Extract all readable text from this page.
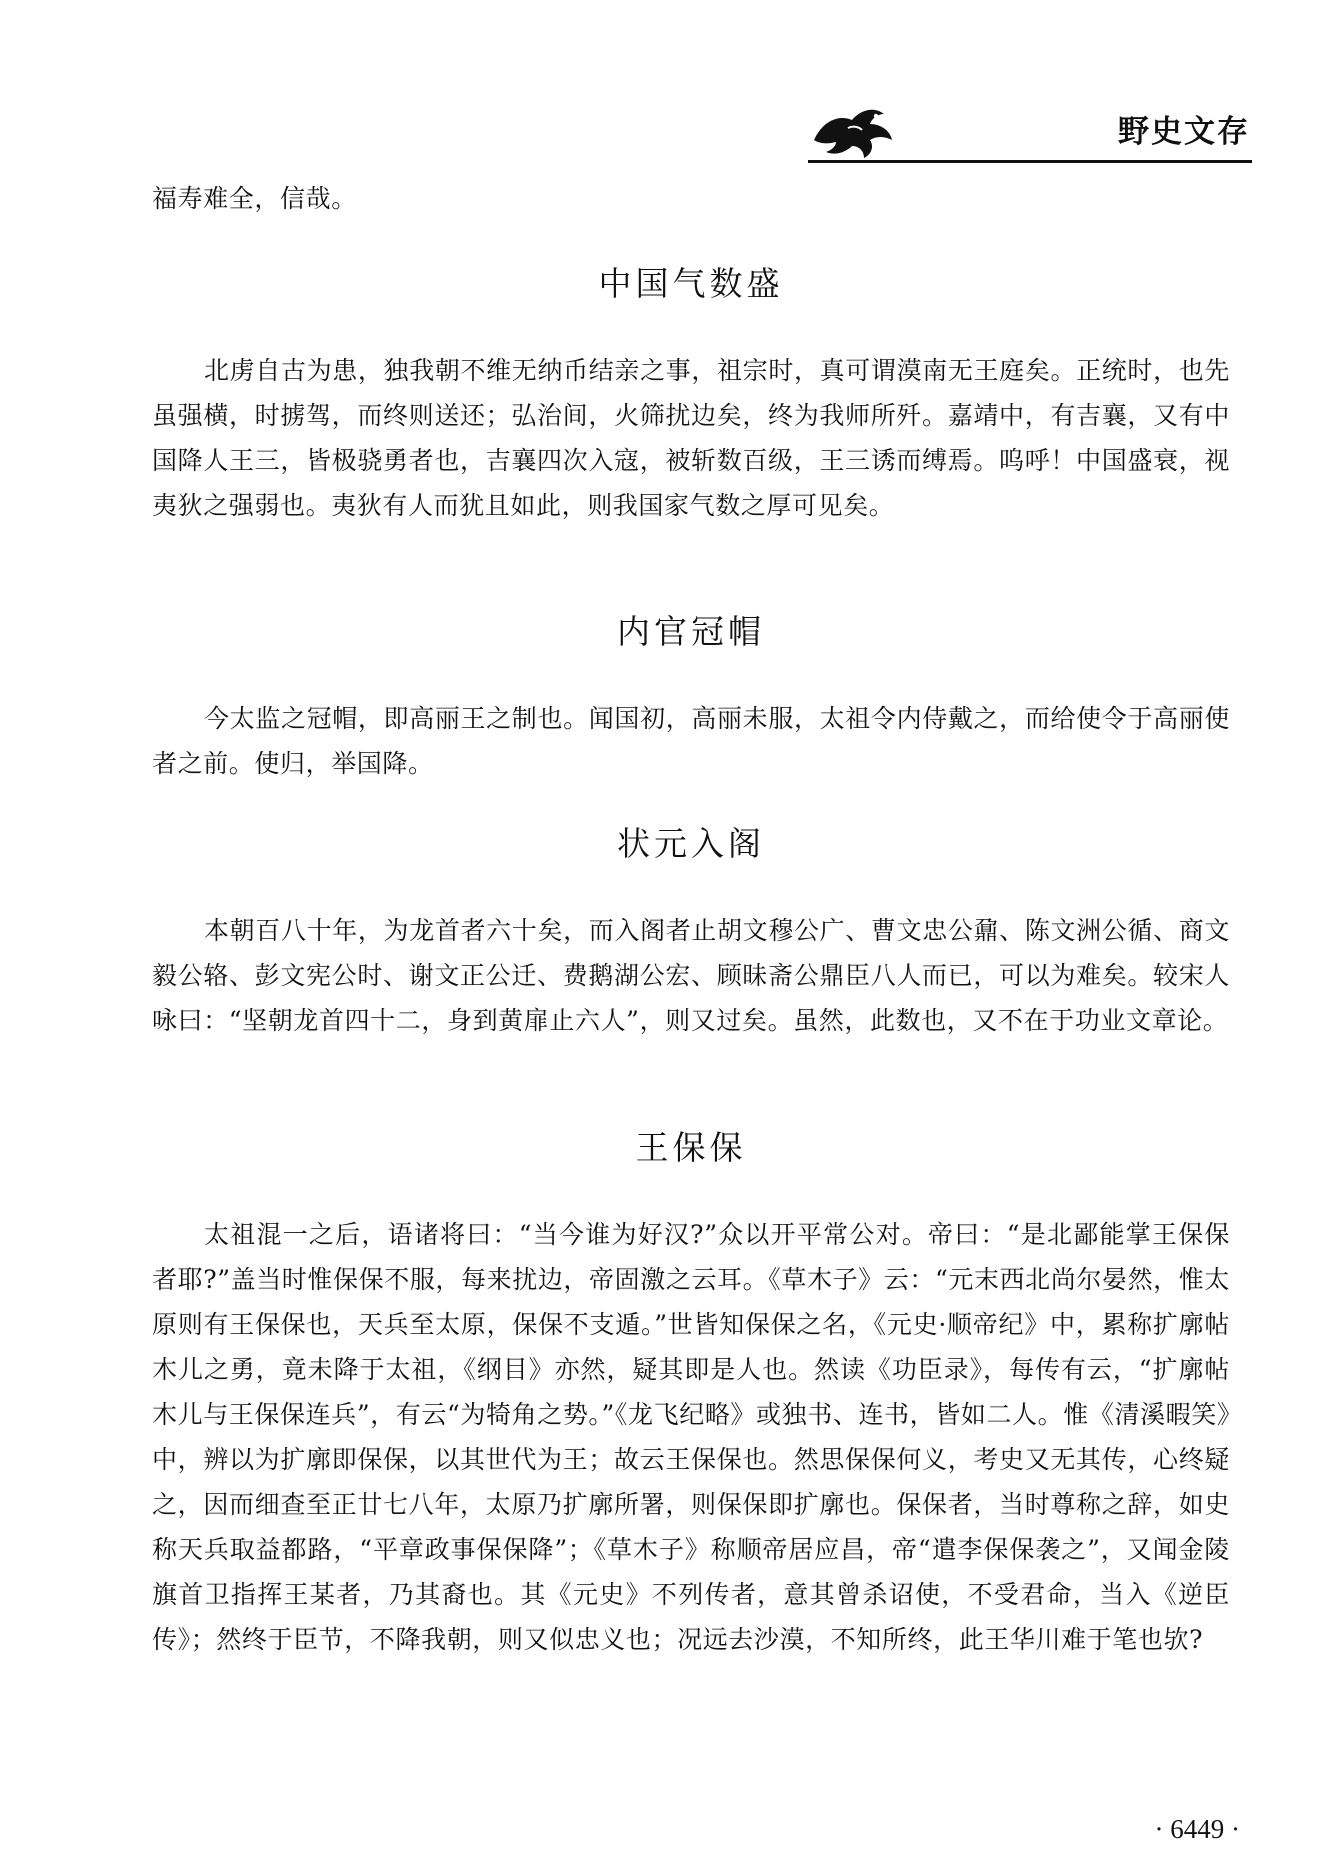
野史文存

福寿难全，信哉。

中国气数盛

北虏自古为患，独我朝不维无纳币结亲之事，祖宗时，真可谓漠南无王庭矣。正统时，也先虽强横，时掳驾，而终则送还；弘治间，火筛扰边矣，终为我师所歼。嘉靖中，有吉襄，又有中国降人王三，皆极骁勇者也，吉襄四次入寇，被斩数百级，王三诱而缚焉。呜呼！中国盛衰，视夷狄之强弱也。夷狄有人而犹且如此，则我国家气数之厚可见矣。

内官冠帽

今太监之冠帽，即高丽王之制也。闻国初，高丽未服，太祖令内侍戴之，而给使令于高丽使者之前。使归，举国降。

状元入阁

本朝百八十年，为龙首者六十矣，而入阁者止胡文穆公广、曹文忠公鼐、陈文洲公循、商文毅公辂、彭文宪公时、谢文正公迁、费鹅湖公宏、顾昧斋公鼎臣八人而已，可以为难矣。较宋人咏曰：“坚朝龙首四十二，身到黄扉止六人”，则又过矣。虽然，此数也，又不在于功业文章论。

王保保

太祖混一之后，语诸将曰：“当今谁为好汉?”众以开平常公对。帝曰：“是北鄙能掌王保保者耶?”盖当时惟保保不服，每来扰边，帝固激之云耳。《草木子》云：“元末西北尚尔晏然，惟太原则有王保保也，天兵至太原，保保不支遁。”世皆知保保之名，《元史·顺帝纪》中，累称扩廓帖木儿之勇，竟未降于太祖，《纲目》亦然，疑其即是人也。然读《功臣录》，每传有云，“扩廓帖木儿与王保保连兵”，有云“为犄角之势。”《龙飞纪略》或独书、连书，皆如二人。惟《清溪暇笑》中，辨以为扩廓即保保，以其世代为王；故云王保保也。然思保保何义，考史又无其传，心终疑之，因而细查至正廿七八年，太原乃扩廓所署，则保保即扩廓也。保保者，当时尊称之辞，如史称天兵取益都路，“平章政事保保降”；《草木子》称顺帝居应昌，帝“遣李保保袭之”，又闻金陵旗首卫指挥王某者，乃其裔也。其《元史》不列传者，意其曾杀诏使，不受君命，当入《逆臣传》；然终于臣节，不降我朝，则又似忠义也；况远去沙漠，不知所终，此王华川难于笔也欤?

· 6449 ·
